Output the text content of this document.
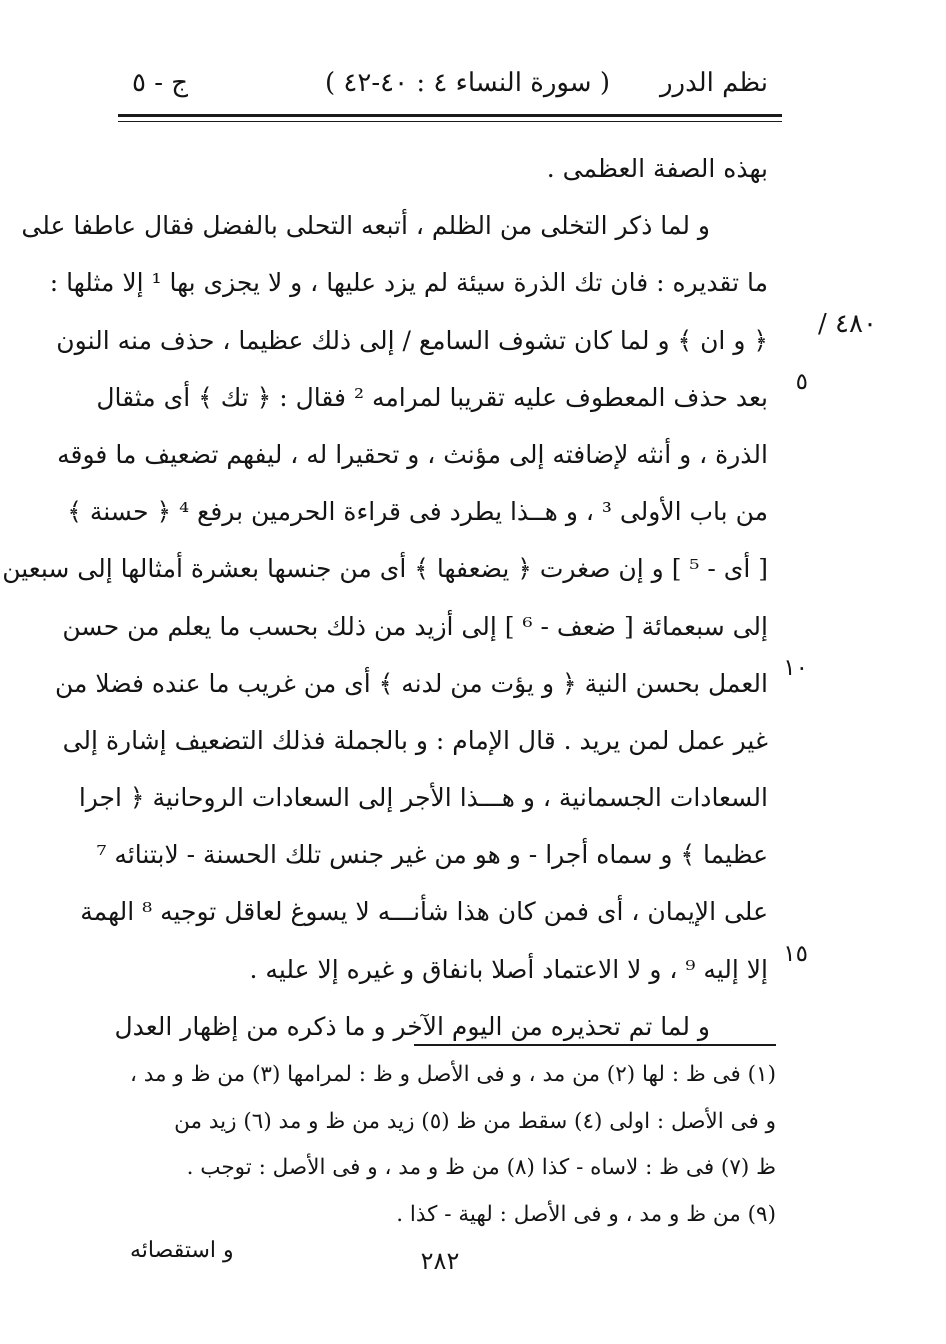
نظم الدرر
( سورة النساء ٤ : ٤٠-٤٢ )
ج - ٥
٤٨٠ /
بهذه الصفة العظمى .
و لما ذكر التخلى من الظلم ، أتبعه التحلى بالفضل فقال عاطفا على
ما تقديره : فان تك الذرة سيئة لم يزد عليها ، و لا يجزى بها ¹ إلا مثلها :
﴿ و ان ﴾ و لما كان تشوف السامع / إلى ذلك عظيما ، حذف منه النون
بعد حذف المعطوف عليه تقريبا لمرامه ² فقال : ﴿ تك ﴾ أى مثقال
الذرة ، و أنثه لإضافته إلى مؤنث ، و تحقيرا له ، ليفهم تضعيف ما فوقه
من باب الأولى ³ ، و هــذا يطرد فى قراءة الحرمين برفع ⁴ ﴿ حسنة ﴾
[ أى - ⁵ ] و إن صغرت ﴿ يضعفها ﴾ أى من جنسها بعشرة أمثالها إلى سبعين
إلى سبعمائة [ ضعف - ⁶ ] إلى أزيد من ذلك بحسب ما يعلم من حسن
العمل بحسن النية ﴿ و يؤت من لدنه ﴾ أى من غريب ما عنده فضلا من
غير عمل لمن يريد . قال الإمام : و بالجملة فذلك التضعيف إشارة إلى
السعادات الجسمانية ، و هـــذا الأجر إلى السعادات الروحانية ﴿ اجرا
عظيما ﴾ و سماه أجرا - و هو من غير جنس تلك الحسنة - لابتنائه ⁷
على الإيمان ، أى فمن كان هذا شأنـــه لا يسوغ لعاقل توجيه ⁸ الهمة
إلا إليه ⁹ ، و لا الاعتماد أصلا بانفاق و غيره إلا عليه .
و لما تم تحذيره من اليوم الآخر و ما ذكره من إظهار العدل
٥
١٠
١٥
(١) فى ظ : لها (٢) من مد ، و فى الأصل و ظ : لمرامها (٣) من ظ و مد ،
و فى الأصل : اولى (٤) سقط من ظ (٥) زيد من ظ و مد (٦) زيد من
ظ (٧) فى ظ : لاساه - كذا (٨) من ظ و مد ، و فى الأصل : توجب .
(٩) من ظ و مد ، و فى الأصل : لهية - كذا .
و استقصائه	٢٨٢
